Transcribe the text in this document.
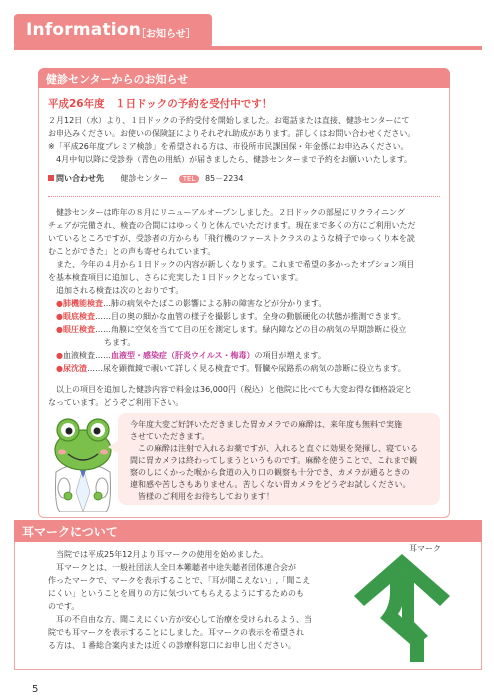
Information
［お知らせ］
健診センターからのお知らせ
平成26年度　１日ドックの予約を受付中です！
２月12日（水）より、１日ドックの予約受付を開始しました。お電話または直接、健診センターにて
お申込みください。お使いの保険証によりそれぞれ助成があります。詳しくはお問い合わせください。
※「平成26年度プレミア検診」を希望される方は、市役所市民課国保・年金係にお申込みください。
　4月中旬以降に受診券（青色の用紙）が届きましたら、健診センターまで予約をお願いいたします。
問い合わせ先 健診センター TEL 85－2234
　健診センターは昨年の８月にリニューアルオープンしました。２日ドックの部屋にリクライニング
チェアが完備され、検査の合間にはゆっくりと休んでいただけます。現在まで多くの方にご利用いただ
いているところですが、受診者の方からも「飛行機のファーストクラスのような椅子でゆっくり本を読
むことができた」との声も寄せられています。
　また、今年の４月から１日ドックの内容が新しくなります。これまで希望の多かったオプション項目
を基本検査項目に追加し、さらに充実した１日ドックとなっています。
　追加される検査は次のとおりです。
●肺機能検査…肺の病気やたばこの影響による肺の障害などが分かります。
●眼底検査……目の奥の細かな血管の様子を撮影します。全身の動脈硬化の状態が推測できます。
●眼圧検査……角膜に空気を当てて目の圧を測定します。緑内障などの目の病気の早期診断に役立
ちます。
●血液検査……血液型・感染症（肝炎ウイルス・梅毒）の項目が増えます。
●尿沈渣……尿を顕微鏡で覗いて詳しく見る検査です。腎臓や尿路系の病気の診断に役立ちます。
　以上の項目を追加した健診内容で料金は36,000円（税込）と他院に比べても大変お得な価格設定と
なっています。どうぞご利用下さい。
今年度大変ご好評いただきました胃カメラでの麻酔は、来年度も無料で実施
させていただきます。
　この麻酔は注射で入れるお薬ですが、入れると直ぐに効果を発揮し、寝ている
間に胃カメラは終わってしまうというものです。麻酔を使うことで、これまで観
察のしにくかった喉から食道の入り口の観察も十分でき、カメラが通るときの
違和感や苦しさもありません。苦しくない胃カメラをどうぞお試しください。
　皆様のご利用をお待ちしております！
耳マークについて
　当院では平成25年12月より耳マークの使用を始めました。
　耳マークとは、一般社団法人全日本難聴者中途失聴者団体連合会が
作ったマークで、マークを表示することで、「耳が聞こえない」,「聞こえ
にくい」ということを周りの方に気づいてもらえるようにするためのも
のです。
　耳の不自由な方、聞こえにくい方が安心して治療を受けられるよう、当
院でも耳マークを表示することにしました。耳マークの表示を希望され
る方は、１番総合案内または近くの診療科窓口にお申し出ください。
耳マーク
5
